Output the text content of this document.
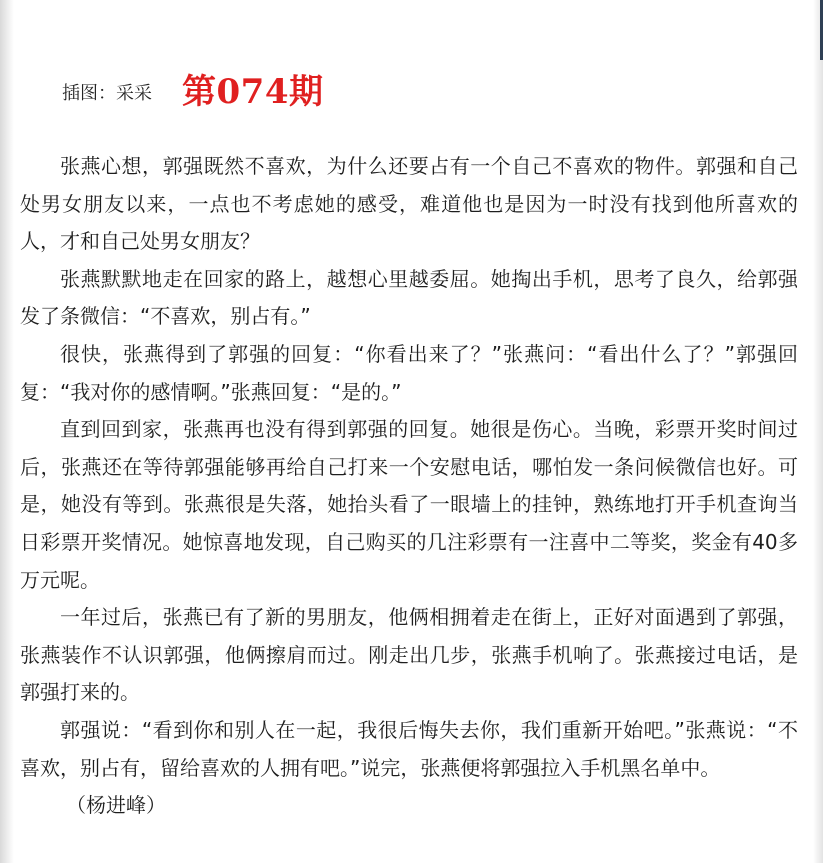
插图：采采 第074期

张燕心想，郭强既然不喜欢，为什么还要占有一个自己不喜欢的物件。郭强和自己处男女朋友以来，一点也不考虑她的感受，难道他也是因为一时没有找到他所喜欢的人，才和自己处男女朋友？

张燕默默地走在回家的路上，越想心里越委屈。她掏出手机，思考了良久，给郭强发了条微信：“不喜欢，别占有。”

很快，张燕得到了郭强的回复：“你看出来了？”张燕问：“看出什么了？”郭强回复：“我对你的感情啊。”张燕回复：“是的。”

直到回到家，张燕再也没有得到郭强的回复。她很是伤心。当晚，彩票开奖时间过后，张燕还在等待郭强能够再给自己打来一个安慰电话，哪怕发一条问候微信也好。可是，她没有等到。张燕很是失落，她抬头看了一眼墙上的挂钟，熟练地打开手机查询当日彩票开奖情况。她惊喜地发现，自己购买的几注彩票有一注喜中二等奖，奖金有40多万元呢。

一年过后，张燕已有了新的男朋友，他俩相拥着走在街上，正好对面遇到了郭强，张燕装作不认识郭强，他俩擦肩而过。刚走出几步，张燕手机响了。张燕接过电话，是郭强打来的。

郭强说：“看到你和别人在一起，我很后悔失去你，我们重新开始吧。”张燕说：“不喜欢，别占有，留给喜欢的人拥有吧。”说完，张燕便将郭强拉入手机黑名单中。

（杨进峰）
